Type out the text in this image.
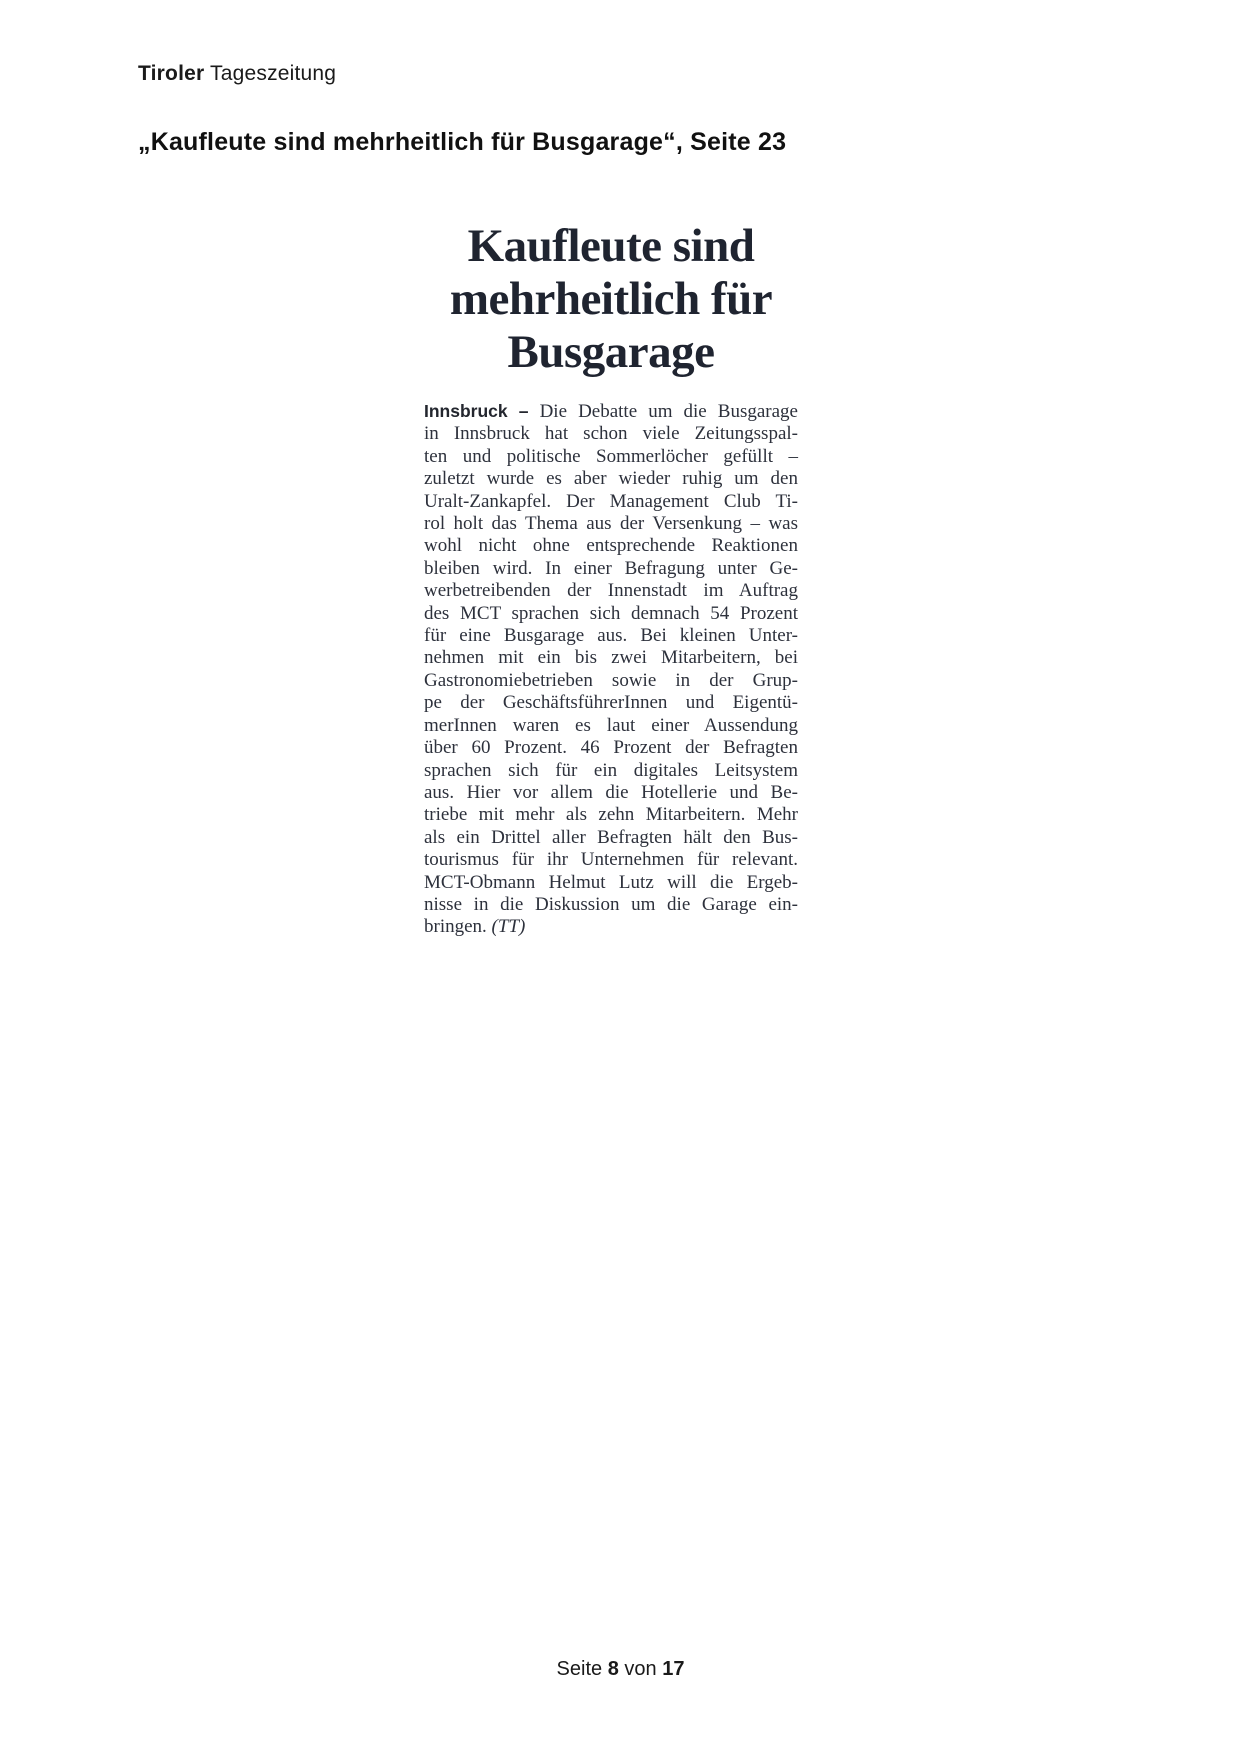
Tiroler Tageszeitung
„Kaufleute sind mehrheitlich für Busgarage“, Seite 23
Kaufleute sind
mehrheitlich für
Busgarage
Innsbruck – Die Debatte um die Busgarage
in Innsbruck hat schon viele Zeitungsspal-
ten und politische Sommerlöcher gefüllt –
zuletzt wurde es aber wieder ruhig um den
Uralt-Zankapfel. Der Management Club Ti-
rol holt das Thema aus der Versenkung – was
wohl nicht ohne entsprechende Reaktionen
bleiben wird. In einer Befragung unter Ge-
werbetreibenden der Innenstadt im Auftrag
des MCT sprachen sich demnach 54 Prozent
für eine Busgarage aus. Bei kleinen Unter-
nehmen mit ein bis zwei Mitarbeitern, bei
Gastronomiebetrieben sowie in der Grup-
pe der GeschäftsführerInnen und Eigentü-
merInnen waren es laut einer Aussendung
über 60 Prozent. 46 Prozent der Befragten
sprachen sich für ein digitales Leitsystem
aus. Hier vor allem die Hotellerie und Be-
triebe mit mehr als zehn Mitarbeitern. Mehr
als ein Drittel aller Befragten hält den Bus-
tourismus für ihr Unternehmen für relevant.
MCT-Obmann Helmut Lutz will die Ergeb-
nisse in die Diskussion um die Garage ein-
bringen. (TT)
Seite 8 von 17
